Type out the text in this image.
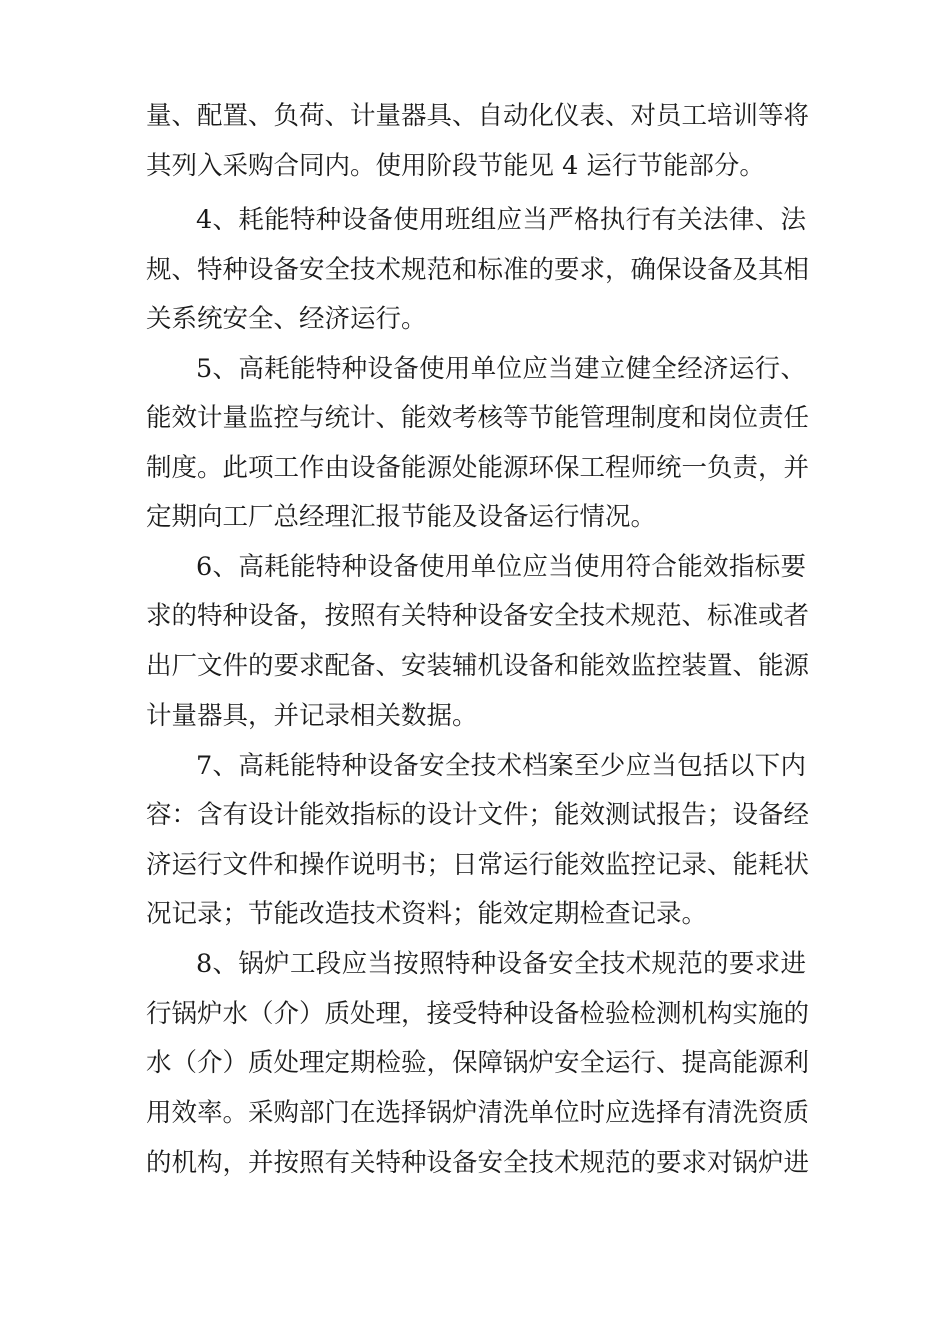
量、配置、负荷、计量器具、自动化仪表、对员工培训等将
其列入采购合同内。使用阶段节能见 4 运行节能部分。
4、耗能特种设备使用班组应当严格执行有关法律、法
规、特种设备安全技术规范和标准的要求，确保设备及其相
关系统安全、经济运行。
5、高耗能特种设备使用单位应当建立健全经济运行、
能效计量监控与统计、能效考核等节能管理制度和岗位责任
制度。此项工作由设备能源处能源环保工程师统一负责，并
定期向工厂总经理汇报节能及设备运行情况。
6、高耗能特种设备使用单位应当使用符合能效指标要
求的特种设备，按照有关特种设备安全技术规范、标准或者
出厂文件的要求配备、安装辅机设备和能效监控装置、能源
计量器具，并记录相关数据。
7、高耗能特种设备安全技术档案至少应当包括以下内
容：含有设计能效指标的设计文件；能效测试报告；设备经
济运行文件和操作说明书；日常运行能效监控记录、能耗状
况记录；节能改造技术资料；能效定期检查记录。
8、锅炉工段应当按照特种设备安全技术规范的要求进
行锅炉水（介）质处理，接受特种设备检验检测机构实施的
水（介）质处理定期检验，保障锅炉安全运行、提高能源利
用效率。采购部门在选择锅炉清洗单位时应选择有清洗资质
的机构，并按照有关特种设备安全技术规范的要求对锅炉进
